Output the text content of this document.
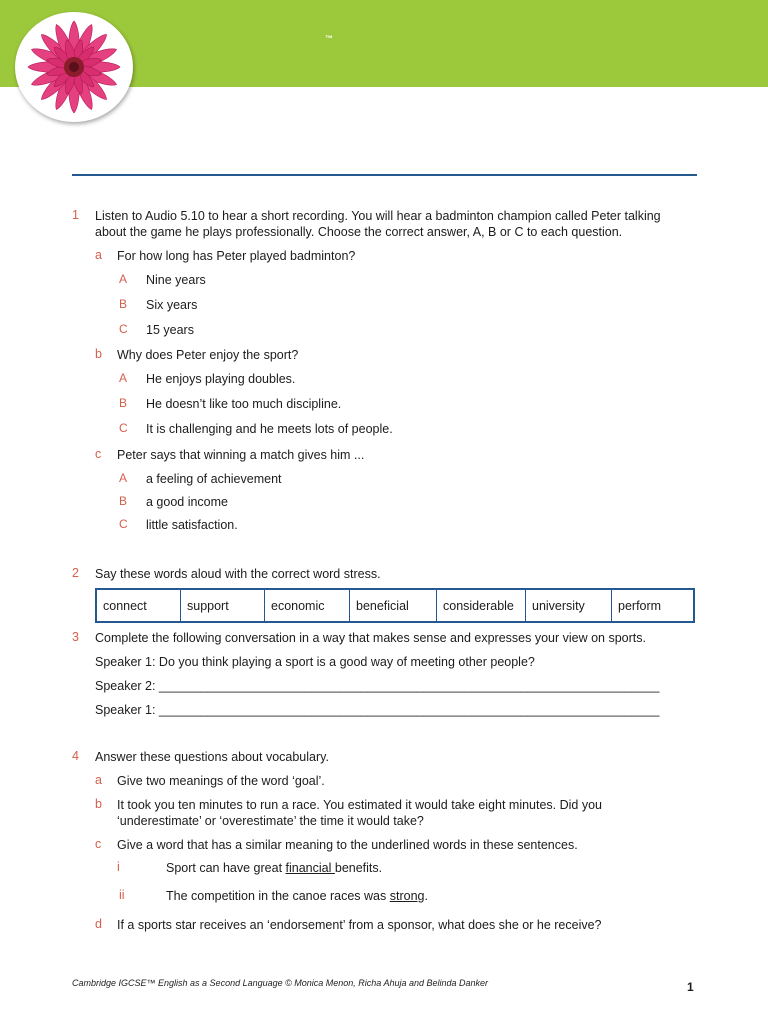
™
1 Listen to Audio 5.10 to hear a short recording. You will hear a badminton champion called Peter talking
about the game he plays professionally. Choose the correct answer, A, B or C to each question.
a For how long has Peter played badminton?
A Nine years
B Six years
C 15 years
b Why does Peter enjoy the sport?
A He enjoys playing doubles.
B He doesn’t like too much discipline.
C It is challenging and he meets lots of people.
c Peter says that winning a match gives him ...
A a feeling of achievement
B a good income
C little satisfaction.
2 Say these words aloud with the correct word stress.
connect	support	economic	beneficial	considerable	university	perform
3 Complete the following conversation in a way that makes sense and expresses your view on sports.
Speaker 1: Do you think playing a sport is a good way of meeting other people?
Speaker 2: ________________________________________________________________________
Speaker 1: ________________________________________________________________________
4 Answer these questions about vocabulary.
a Give two meanings of the word ‘goal’.
b It took you ten minutes to run a race. You estimated it would take eight minutes. Did you
‘underestimate’ or ‘overestimate’ the time it would take?
c Give a word that has a similar meaning to the underlined words in these sentences.
i	Sport can have great financial benefits.
ii	The competition in the canoe races was strong.
d If a sports star receives an ‘endorsement’ from a sponsor, what does she or he receive?
Cambridge IGCSE™ English as a Second Language © Monica Menon, Richa Ahuja and Belinda Danker	1
